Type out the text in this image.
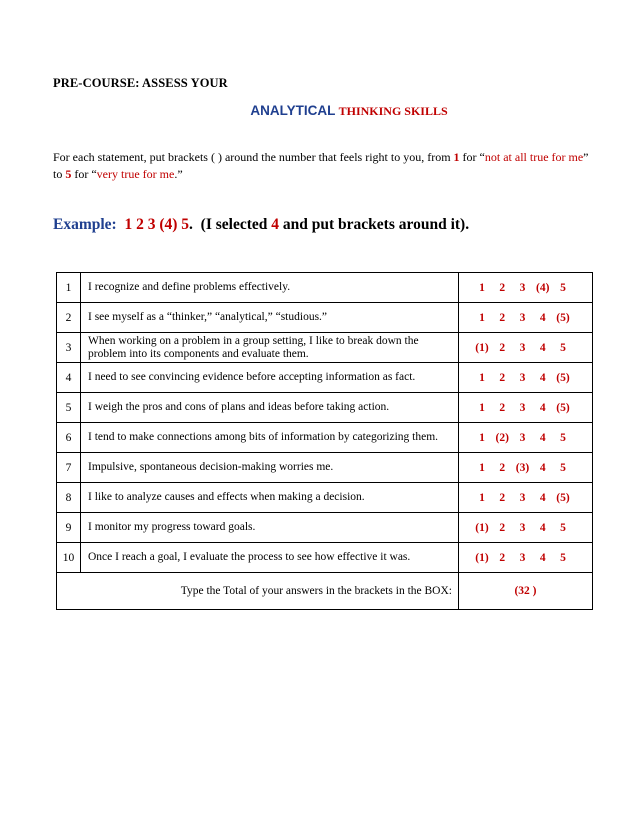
PRE-COURSE: ASSESS YOUR
ANALYTICAL THINKING SKILLS
For each statement, put brackets ( ) around the number that feels right to you, from 1 for “not at all true for me” to 5 for “very true for me.”
Example: 1 2 3 (4) 5. (I selected 4 and put brackets around it).
1	I recognize and define problems effectively.	1 2 3 (4) 5

2	I see myself as a “thinker,” “analytical,” “studious.”	1 2 3 4 (5)

3	When working on a problem in a group setting, I like to break down the problem into its components and evaluate them.	(1) 2 3 4 5

4	I need to see convincing evidence before accepting information as fact.	1 2 3 4 (5)

5	I weigh the pros and cons of plans and ideas before taking action.	1 2 3 4 (5)

6	I tend to make connections among bits of information by categorizing them.	1 (2) 3 4 5

7	Impulsive, spontaneous decision-making worries me.	1 2 (3) 4 5

8	I like to analyze causes and effects when making a decision.	1 2 3 4 (5)

9	I monitor my progress toward goals.	(1) 2 3 4 5

10	Once I reach a goal, I evaluate the process to see how effective it was.	(1) 2 3 4 5

Type the Total of your answers in the brackets in the BOX:		(32 )
